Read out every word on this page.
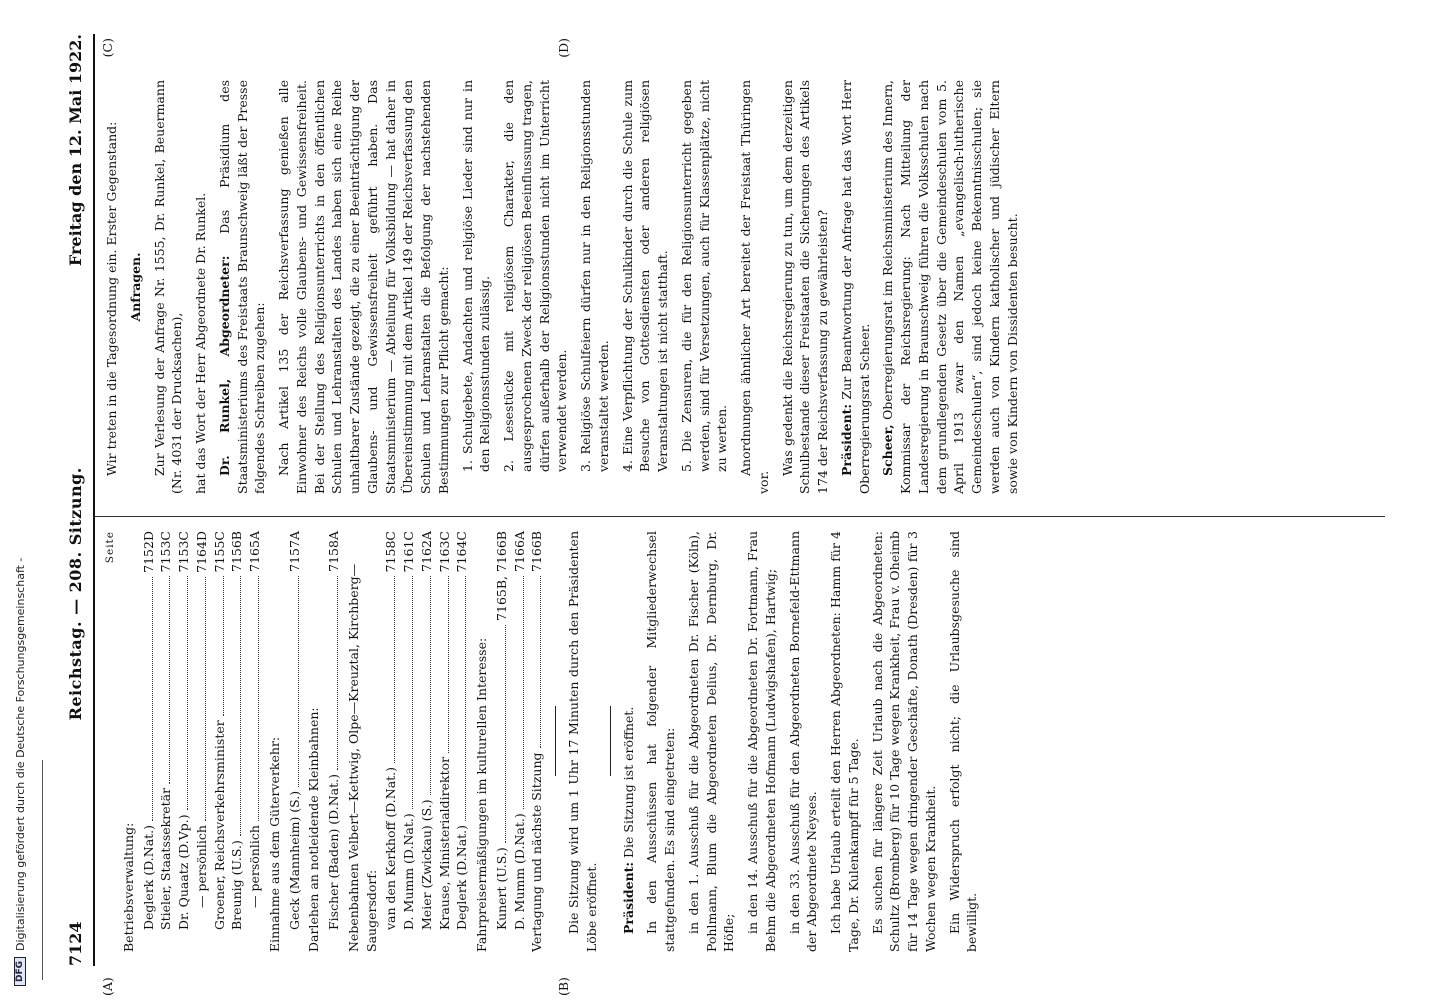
DFG
Digitalisierung gefördert durch die Deutsche Forschungsgemeinschaft - 7124
Reichstag. — 208. Sitzung.
Freitag den 12. Mai 1922.
(A)	(B)
Seite
Betriebsverwaltung: Deglerk (D.Nat.)
7152D
Stieler, Staatssekretär
7153C
Dr. Quaatz (D.Vp.)
7153C
— persönlich
7164D
Groener, Reichsverkehrsminister
7155C
Breunig (U.S.)
7156B
— persönlich
7165A
Einnahme aus dem Güterverkehr: Geck (Mannheim) (S.)
7157A
Darlehen an notleidende Kleinbahnen: Fischer (Baden) (D.Nat.)
7158A
Nebenbahnen Velbert—Kettwig, Olpe—Kreuztal, Kirchberg—Saugersdorf: van den Kerkhoff (D.Nat.)
7158C
D. Mumm (D.Nat.)
7161C
Meier (Zwickau) (S.)
7162A
Krause, Ministerialdirektor
7163C
Deglerk (D.Nat.)
7164C
Fahrpreisermäßigungen im kulturellen Interesse: Kunert (U.S.)
7165B, 7166B
D. Mumm (D.Nat.)
7166A
Vertagung und nächste Sitzung
7166B Die Sitzung wird um 1 Uhr 17 Minuten durch den Präsidenten Löbe eröffnet. Präsident: Die Sitzung ist eröffnet. In den Ausschüssen hat folgender Mitgliederwechsel stattgefunden. Es sind eingetreten: in den 1. Ausschuß für die Abgeordneten Dr. Fischer (Köln), Pohlmann, Blum die Abgeordneten Delius, Dr. Dernburg, Dr. Höfle; in den 14. Ausschuß für die Abgeordneten Dr. Fortmann, Frau Behm die Abgeordneten Hofmann (Ludwigshafen), Hartwig; in den 33. Ausschuß für den Abgeordneten Bornefeld-Ettmann der Abgeordnete Neyses. Ich habe Urlaub erteilt den Herren Abgeordneten: Hamm für 4 Tage, Dr. Kulenkampff für 5 Tage. Es suchen für längere Zeit Urlaub nach die Abgeordneten: Schultz (Bromberg) für 10 Tage wegen Krankheit, Frau v. Oheimb für 14 Tage wegen dringender Geschäfte, Donath (Dresden) für 3 Wochen wegen Krankheit. Ein Widerspruch erfolgt nicht; die Urlaubsgesuche sind bewilligt.

(C)	(D)

Wir treten in die Tagesordnung ein. Erster Gegenstand: Anfragen. Zur Verlesung der Anfrage Nr. 1555, Dr. Runkel, Beuermann (Nr. 4031 der Drucksachen), hat das Wort der Herr Abgeordnete Dr. Runkel. Dr. Runkel, Abgeordneter: Das Präsidium des Staatsministeriums des Freistaats Braunschweig läßt der Presse folgendes Schreiben zugehen: Nach Artikel 135 der Reichsverfassung genießen alle Einwohner des Reichs volle Glaubens- und Gewissensfreiheit. Bei der Stellung des Religionsunterrichts in den öffentlichen Schulen und Lehranstalten des Landes haben sich eine Reihe unhaltbarer Zustände gezeigt, die zu einer Beeinträchtigung der Glaubens- und Gewissensfreiheit geführt haben. Das Staatsministerium — Abteilung für Volksbildung — hat daher in Übereinstimmung mit dem Artikel 149 der Reichsverfassung den Schulen und Lehranstalten die Befolgung der nachstehenden Bestimmungen zur Pflicht gemacht: 1. Schulgebete, Andachten und religiöse Lieder sind nur in den Religionsstunden zulässig. 2. Lesestücke mit religiösem Charakter, die den ausgesprochenen Zweck der religiösen Beeinflussung tragen, dürfen außerhalb der Religionsstunden nicht im Unterricht verwendet werden. 3. Religiöse Schulfeiern dürfen nur in den Religionsstunden veranstaltet werden. 4. Eine Verpflichtung der Schulkinder durch die Schule zum Besuche von Gottesdiensten oder anderen religiösen Veranstaltungen ist nicht statthaft. 5. Die Zensuren, die für den Religionsunterricht gegeben werden, sind für Versetzungen, auch für Klassenplätze, nicht zu werten. Anordnungen ähnlicher Art bereitet der Freistaat Thüringen vor.

Was gedenkt die Reichsregierung zu tun, um dem derzeitigen Schulbestande dieser Freistaaten die Sicherungen des Artikels 174 der Reichsverfassung zu gewährleisten? Präsident: Zur Beantwortung der Anfrage hat das Wort Herr Oberregierungsrat Scheer. Scheer, Oberregierungsrat im Reichsministerium des Innern, Kommissar der Reichsregierung: Nach Mitteilung der Landesregierung in Braunschweig führen die Volksschulen nach dem grundlegenden Gesetz über die Gemeindeschulen vom 5. April 1913 zwar den Namen „evangelisch-lutherische Gemeindeschulen“, sind jedoch keine Bekenntnisschulen; sie werden auch von Kindern katholischer und jüdischer Eltern sowie von Kindern von Dissidenten besucht.
